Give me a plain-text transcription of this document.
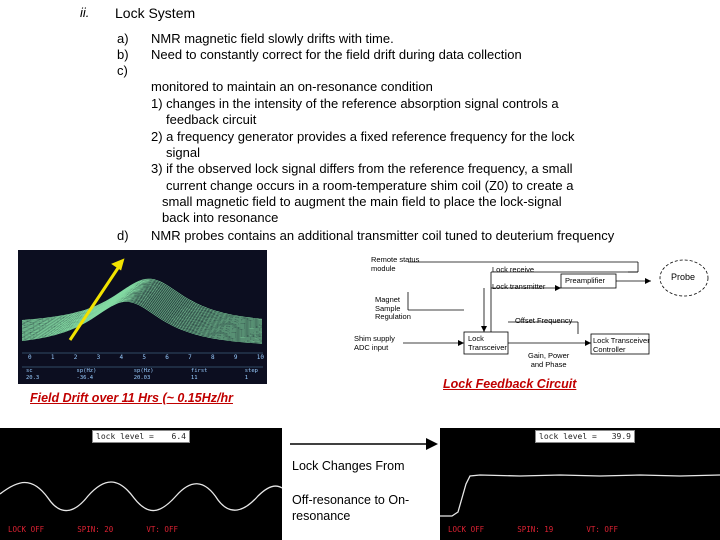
ii. Lock System
a) NMR magnetic field slowly drifts with time.
b) Need to constantly correct for the field drift during data collection
c)
monitored to maintain an on-resonance condition
1) changes in the intensity of the reference absorption signal controls a
feedback circuit
2) a frequency generator provides a fixed reference frequency for the lock
signal
3) if the observed lock signal differs from the reference frequency, a small
current change occurs in a room-temperature shim coil (Z0) to create a
small magnetic field to augment the main field to place the lock-signal
back into resonance
d) NMR probes contains an additional transmitter coil tuned to deuterium frequency
0	1	2	3	4	5	6	7	8	9	10
sc
20.3
sp(Hz)
-36.4
sp(Hz)
20.03
first
11
step
1
Field Drift over 11 Hrs (~ 0.15Hz/hr
Remote status
module	Lock receive
Lock transmitter
Preamplifier	Probe
Magnet
Sample
Regulation	Offset Frequency
Shim supply
ADC input
Lock
Transceiver
Lock Transceiver
Controller
Gain, Power
and Phase
Lock Feedback Circuit
lock level = 6.4
LOCK OFF	SPIN: 20	VT: OFF
Lock Changes From
Off-resonance to On-
resonance
lock level = 39.9
LOCK OFF	SPIN: 19	VT: OFF
